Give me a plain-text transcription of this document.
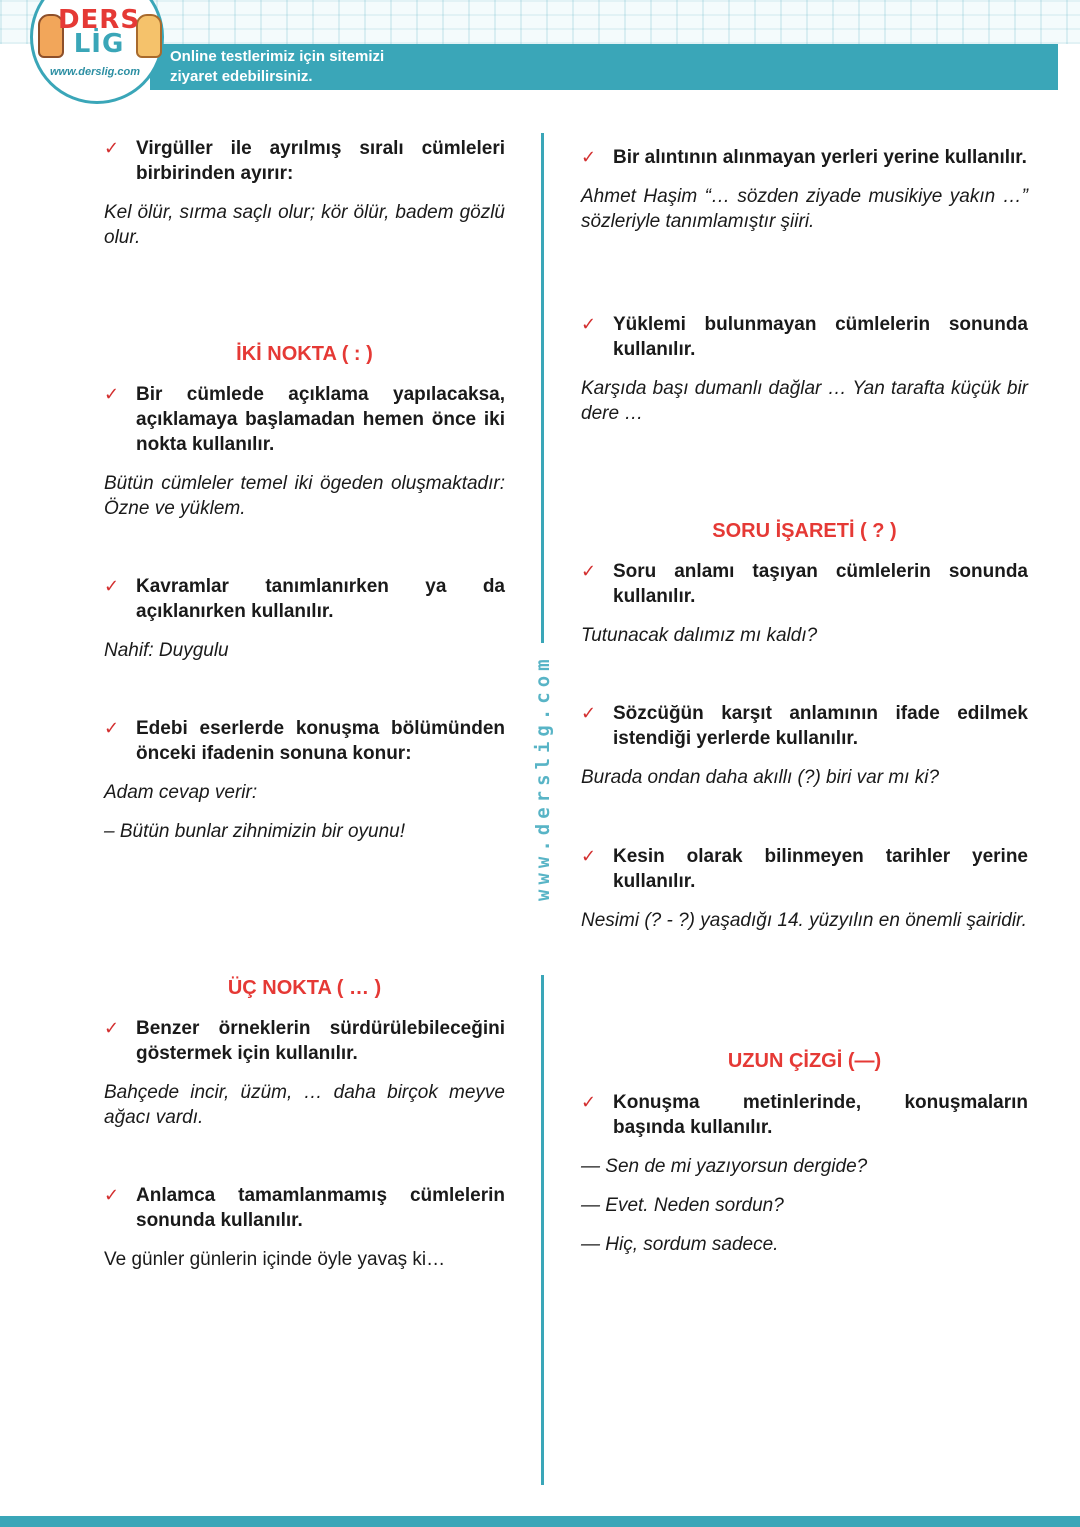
DERS
LİG
www.derslig.com
Online testlerimiz için sitemizi
ziyaret edebilirsiniz.
www.derslig.com
✓ Virgüller ile ayrılmış sıralı cümleleri birbirinden ayırır:
Kel ölür, sırma saçlı olur; kör ölür, badem gözlü olur.
İKİ NOKTA ( : )
✓ Bir cümlede açıklama yapılacaksa, açıklamaya başlamadan hemen önce iki nokta kullanılır.
Bütün cümleler temel iki ögeden oluşmaktadır: Özne ve yüklem.
✓ Kavramlar tanımlanırken ya da açıklanırken kullanılır.
Nahif: Duygulu
✓ Edebi eserlerde konuşma bölümünden önceki ifadenin sonuna konur:
Adam cevap verir:
– Bütün bunlar zihnimizin bir oyunu!
ÜÇ NOKTA ( … )
✓ Benzer örneklerin sürdürülebileceğini göstermek için kullanılır.
Bahçede incir, üzüm, … daha birçok meyve ağacı vardı.
✓ Anlamca tamamlanmamış cümlelerin sonunda kullanılır.
Ve günler günlerin içinde öyle yavaş ki…
✓ Bir alıntının alınmayan yerleri yerine kullanılır.
Ahmet Haşim “… sözden ziyade musikiye yakın …” sözleriyle tanımlamıştır şiiri.
✓ Yüklemi bulunmayan cümlelerin sonunda kullanılır.
Karşıda başı dumanlı dağlar … Yan tarafta küçük bir dere …
SORU İŞARETİ ( ? )
✓ Soru anlamı taşıyan cümlelerin sonunda kullanılır.
Tutunacak dalımız mı kaldı?
✓ Sözcüğün karşıt anlamının ifade edilmek istendiği yerlerde kullanılır.
Burada ondan daha akıllı (?) biri var mı ki?
✓ Kesin olarak bilinmeyen tarihler yerine kullanılır.
Nesimi (? - ?) yaşadığı 14. yüzyılın en önemli şairidir.
UZUN ÇİZGİ (—)
✓ Konuşma metinlerinde, konuşmaların başında kullanılır.
— Sen de mi yazıyorsun dergide?
— Evet. Neden sordun?
— Hiç, sordum sadece.
